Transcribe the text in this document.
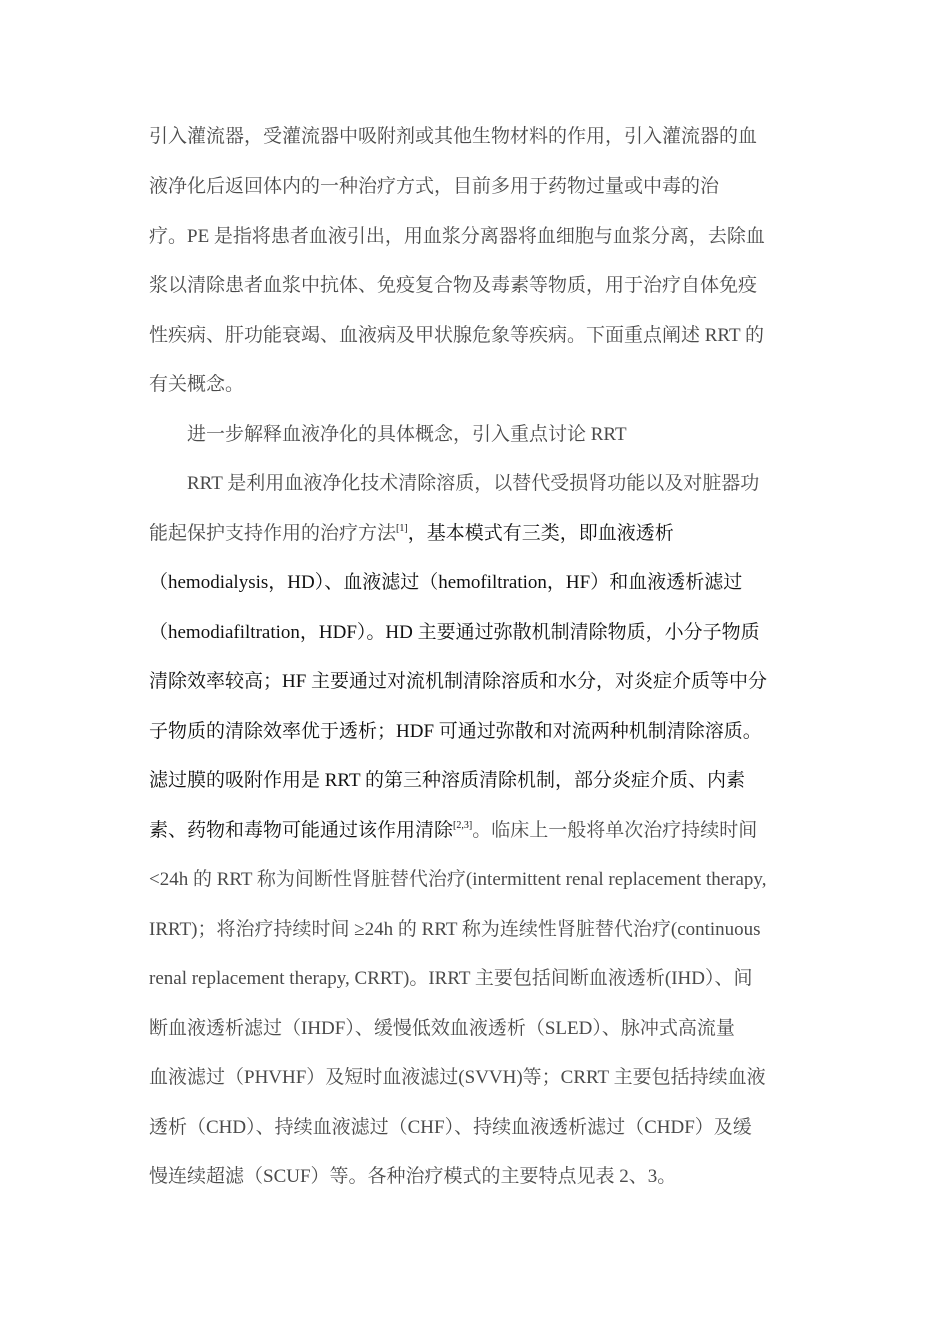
引入灌流器，受灌流器中吸附剂或其他生物材料的作用，引入灌流器的血
液净化后返回体内的一种治疗方式，目前多用于药物过量或中毒的治
疗。PE 是指将患者血液引出，用血浆分离器将血细胞与血浆分离，去除血
浆以清除患者血浆中抗体、免疫复合物及毒素等物质，用于治疗自体免疫
性疾病、肝功能衰竭、血液病及甲状腺危象等疾病。下面重点阐述 RRT 的
有关概念。
进一步解释血液净化的具体概念，引入重点讨论 RRT
RRT 是利用血液净化技术清除溶质，以替代受损肾功能以及对脏器功
能起保护支持作用的治疗方法[1]，基本模式有三类，即血液透析
（hemodialysis，HD）、血液滤过（hemofiltration，HF）和血液透析滤过
（hemodiafiltration，HDF）。HD 主要通过弥散机制清除物质，小分子物质
清除效率较高；HF 主要通过对流机制清除溶质和水分，对炎症介质等中分
子物质的清除效率优于透析；HDF 可通过弥散和对流两种机制清除溶质。
滤过膜的吸附作用是 RRT 的第三种溶质清除机制，部分炎症介质、内素
素、药物和毒物可能通过该作用清除[2,3]。临床上一般将单次治疗持续时间
<24h 的 RRT 称为间断性肾脏替代治疗(intermittent renal replacement therapy,
IRRT)；将治疗持续时间 ≥24h 的 RRT 称为连续性肾脏替代治疗(continuous
renal replacement therapy, CRRT)。IRRT 主要包括间断血液透析(IHD）、间
断血液透析滤过（IHDF）、缓慢低效血液透析（SLED）、脉冲式高流量
血液滤过（PHVHF）及短时血液滤过(SVVH)等；CRRT 主要包括持续血液
透析（CHD）、持续血液滤过（CHF）、持续血液透析滤过（CHDF）及缓
慢连续超滤（SCUF）等。各种治疗模式的主要特点见表 2、3。
